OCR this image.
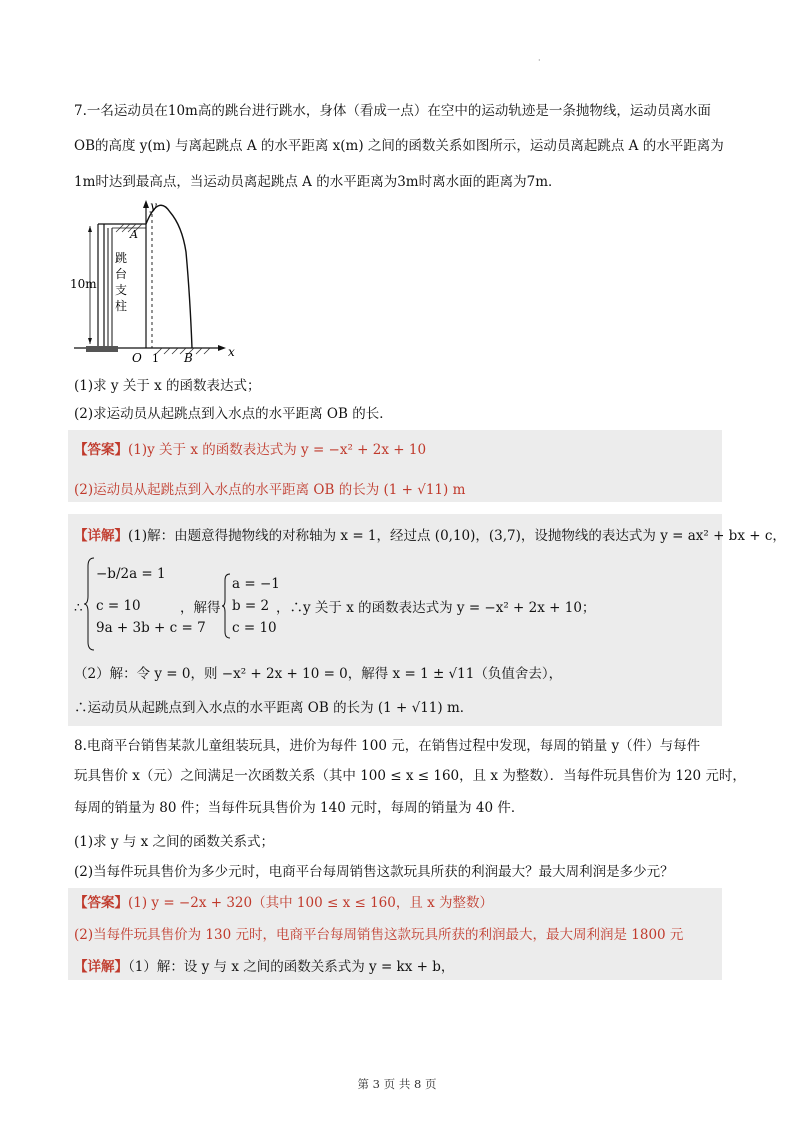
·
7.一名运动员在10m高的跳台进行跳水，身体（看成一点）在空中的运动轨迹是一条抛物线，运动员离水面
OB的高度 y(m) 与离起跳点 A 的水平距离 x(m) 之间的函数关系如图所示，运动员离起跳点 A 的水平距离为
1m时达到最高点，当运动员离起跳点 A 的水平距离为3m时离水面的距离为7m．
y
x
A
O 1 B
10m
跳
台
支
柱
(1)求 y 关于 x 的函数表达式；
(2)求运动员从起跳点到入水点的水平距离 OB 的长．
【答案】(1)y 关于 x 的函数表达式为 y = −x² + 2x + 10
(2)运动员从起跳点到入水点的水平距离 OB 的长为 (1 + √11) m
【详解】(1)解：由题意得抛物线的对称轴为 x = 1，经过点 (0,10)，(3,7)，设抛物线的表达式为 y = ax² + bx + c，
∴
−b/2a = 1
c = 10
9a + 3b + c = 7
，解得
a = −1
b = 2
c = 10
，∴y 关于 x 的函数表达式为 y = −x² + 2x + 10；
（2）解：令 y = 0，则 −x² + 2x + 10 = 0，解得 x = 1 ± √11（负值舍去），
∴运动员从起跳点到入水点的水平距离 OB 的长为 (1 + √11) m．
8.电商平台销售某款儿童组装玩具，进价为每件 100 元，在销售过程中发现，每周的销量 y（件）与每件
玩具售价 x（元）之间满足一次函数关系（其中 100 ≤ x ≤ 160，且 x 为整数）．当每件玩具售价为 120 元时，
每周的销量为 80 件；当每件玩具售价为 140 元时，每周的销量为 40 件．
(1)求 y 与 x 之间的函数关系式；
(2)当每件玩具售价为多少元时，电商平台每周销售这款玩具所获的利润最大？最大周利润是多少元？
【答案】(1) y = −2x + 320（其中 100 ≤ x ≤ 160，且 x 为整数）
(2)当每件玩具售价为 130 元时，电商平台每周销售这款玩具所获的利润最大，最大周利润是 1800 元
【详解】（1）解：设 y 与 x 之间的函数关系式为 y = kx + b，
第 3 页 共 8 页
